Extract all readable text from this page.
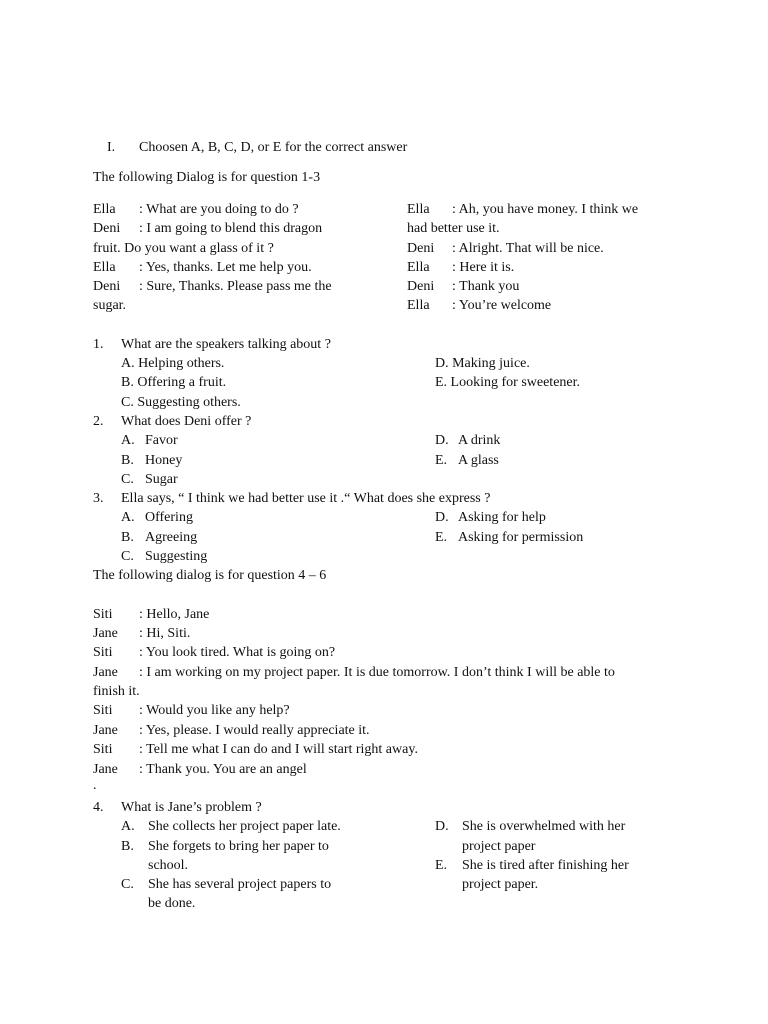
I. Choosen A, B, C, D, or E for the correct answer
The following Dialog is for question 1-3
Ella : What are you doing to do ?
Deni : I am going to blend this dragon
fruit. Do you want a glass of it ?
Ella : Yes, thanks. Let me help you.
Deni : Sure, Thanks. Please pass me the
sugar.
Ella : Ah, you have money. I think we
had better use it.
Deni : Alright. That will be nice.
Ella : Here it is.
Deni : Thank you
Ella : You’re welcome
1. What are the speakers talking about ?
A. Helping others.
B. Offering a fruit.
C. Suggesting others.
D. Making juice.
E. Looking for sweetener.
2. What does Deni offer ?
A. Favor
B. Honey
C. Sugar
D. A drink
E. A glass
3. Ella says, “ I think we had better use it .“ What does she express ?
A. Offering
B. Agreeing
C. Suggesting
D. Asking for help
E. Asking for permission
The following dialog is for question 4 – 6
Siti : Hello, Jane
Jane : Hi, Siti.
Siti : You look tired. What is going on?
Jane : I am working on my project paper. It is due tomorrow. I don’t think I will be able to
finish it.
Siti : Would you like any help?
Jane : Yes, please. I would really appreciate it.
Siti : Tell me what I can do and I will start right away.
Jane : Thank you. You are an angel
.
4. What is Jane’s problem ?
A. She collects her project paper late.
B. She forgets to bring her paper to
school.
C. She has several project papers to
be done.
D. She is overwhelmed with her
project paper
E. She is tired after finishing her
project paper.
